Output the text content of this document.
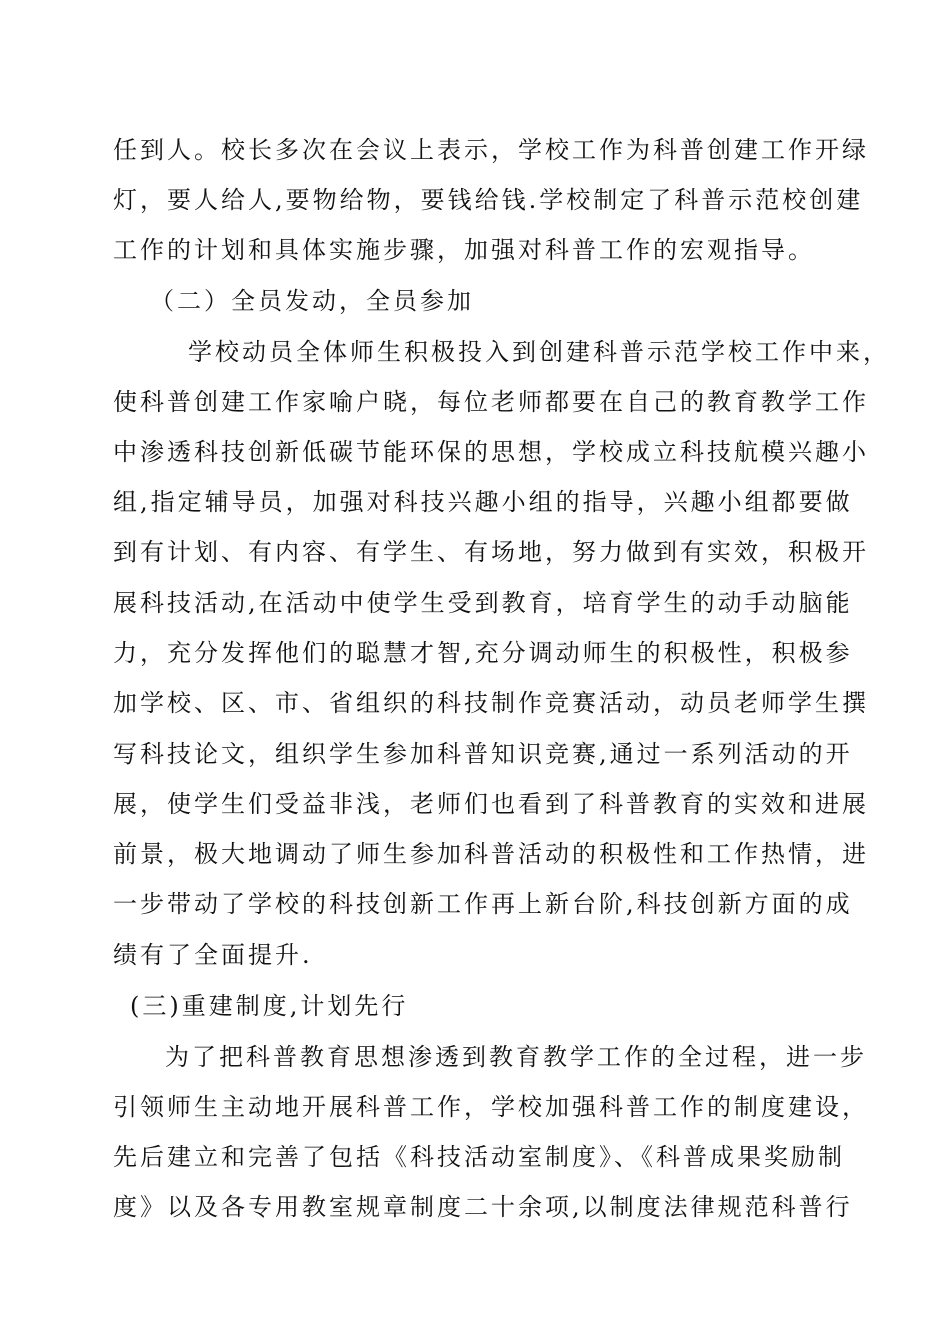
任到人。校长多次在会议上表示，学校工作为科普创建工作开绿
灯，要人给人,要物给物，要钱给钱.学校制定了科普示范校创建
工作的计划和具体实施步骤，加强对科普工作的宏观指导。
（二）全员发动，全员参加
学校动员全体师生积极投入到创建科普示范学校工作中来，
使科普创建工作家喻户晓，每位老师都要在自己的教育教学工作
中渗透科技创新低碳节能环保的思想，学校成立科技航模兴趣小
组,指定辅导员，加强对科技兴趣小组的指导，兴趣小组都要做
到有计划、有内容、有学生、有场地，努力做到有实效，积极开
展科技活动,在活动中使学生受到教育，培育学生的动手动脑能
力，充分发挥他们的聪慧才智,充分调动师生的积极性，积极参
加学校、区、市、省组织的科技制作竞赛活动，动员老师学生撰
写科技论文，组织学生参加科普知识竞赛,通过一系列活动的开
展，使学生们受益非浅，老师们也看到了科普教育的实效和进展
前景，极大地调动了师生参加科普活动的积极性和工作热情，进
一步带动了学校的科技创新工作再上新台阶,科技创新方面的成
绩有了全面提升.
(三)重建制度,计划先行
为了把科普教育思想渗透到教育教学工作的全过程，进一步
引领师生主动地开展科普工作，学校加强科普工作的制度建设，
先后建立和完善了包括《科技活动室制度》、《科普成果奖励制
度》以及各专用教室规章制度二十余项,以制度法律规范科普行
